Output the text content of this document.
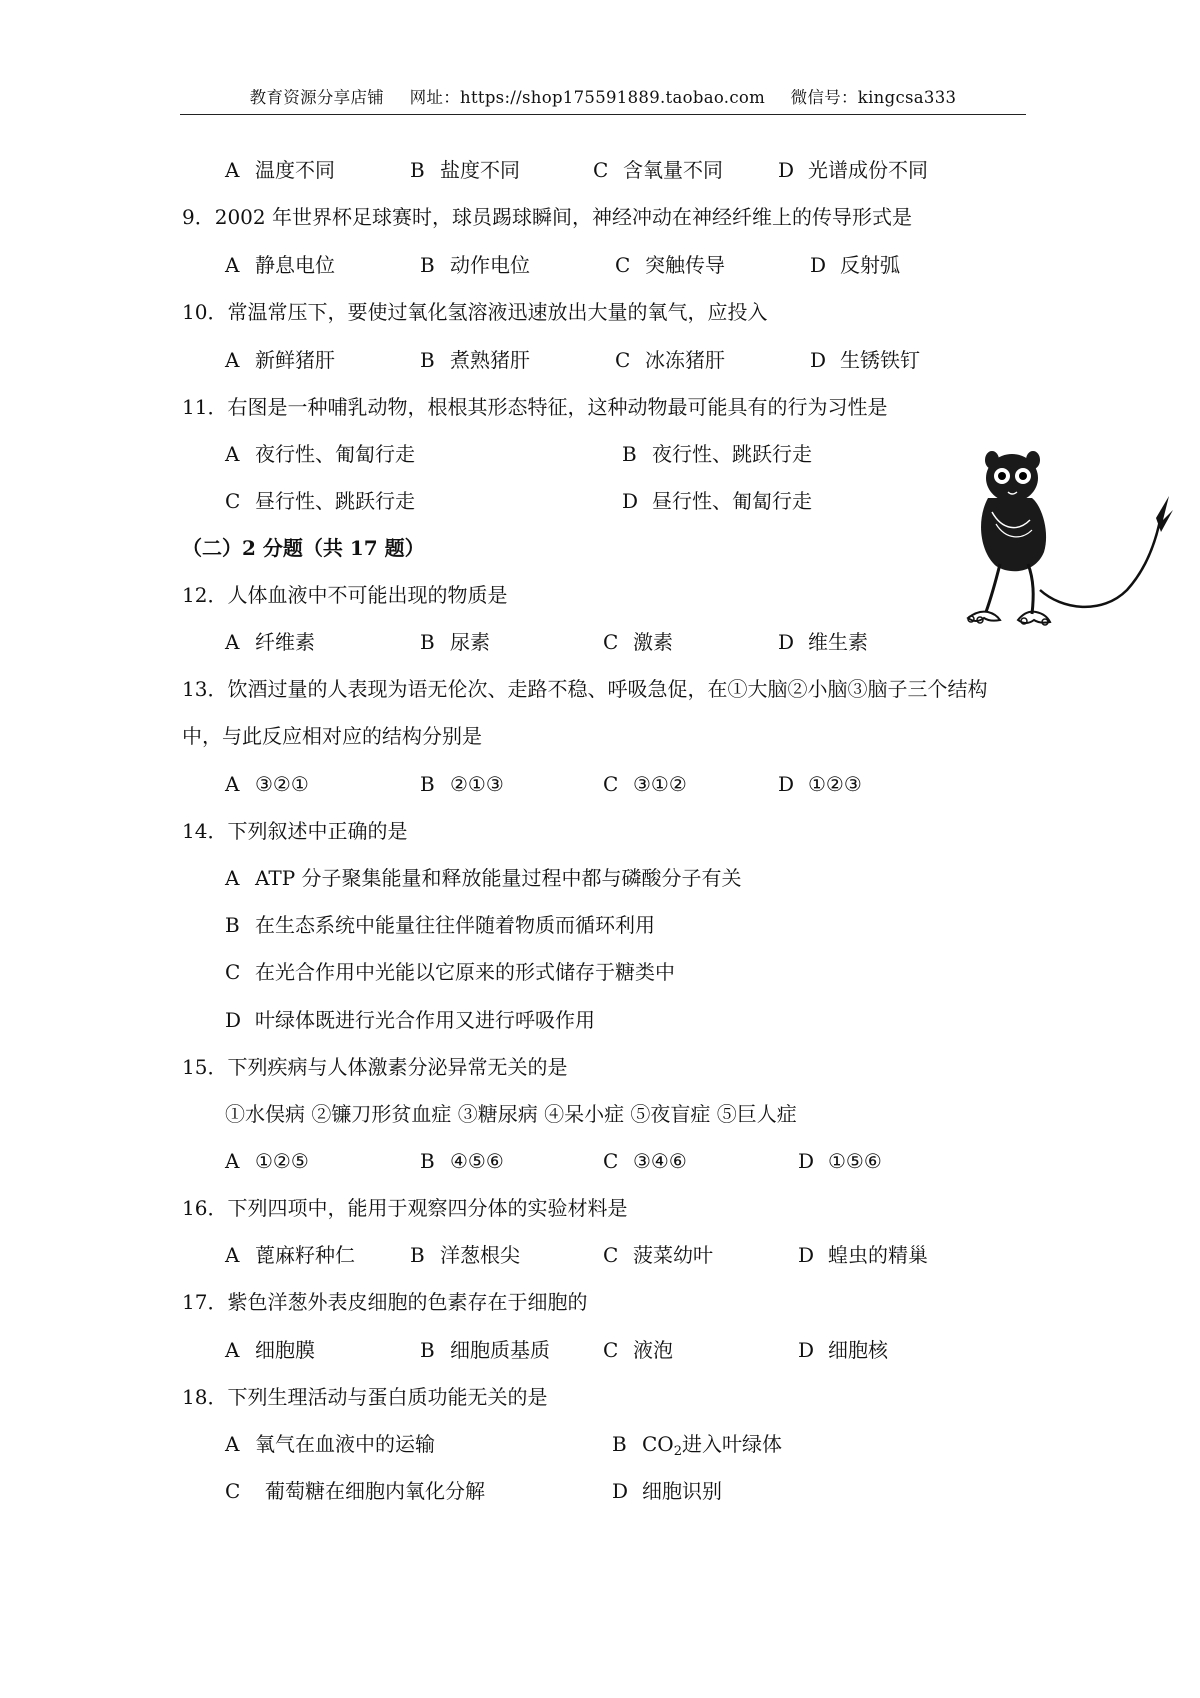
教育资源分享店铺 网址：https://shop175591889.taobao.com 微信号：kingcsa333
A 温度不同	B 盐度不同	C 含氧量不同	D 光谱成份不同
9．2002 年世界杯足球赛时，球员踢球瞬间，神经冲动在神经纤维上的传导形式是
A 静息电位	B 动作电位	C 突触传导	D 反射弧
10．常温常压下，要使过氧化氢溶液迅速放出大量的氧气，应投入
A 新鲜猪肝	B 煮熟猪肝	C 冰冻猪肝	D 生锈铁钉
11．右图是一种哺乳动物，根根其形态特征，这种动物最可能具有的行为习性是
A 夜行性、匍匐行走	B 夜行性、跳跃行走
C 昼行性、跳跃行走	D 昼行性、匍匐行走
（二）2 分题（共 17 题）
12．人体血液中不可能出现的物质是
A 纤维素	B 尿素	C 激素	D 维生素
13．饮酒过量的人表现为语无伦次、走路不稳、呼吸急促，在①大脑②小脑③脑子三个结构
中，与此反应相对应的结构分别是
A ③②①	B ②①③	C ③①②	D ①②③
14．下列叙述中正确的是
A ATP 分子聚集能量和释放能量过程中都与磷酸分子有关
B 在生态系统中能量往往伴随着物质而循环利用
C 在光合作用中光能以它原来的形式储存于糖类中
D 叶绿体既进行光合作用又进行呼吸作用
15．下列疾病与人体激素分泌异常无关的是
①水俣病 ②镰刀形贫血症 ③糖尿病 ④呆小症 ⑤夜盲症 ⑤巨人症
A ①②⑤	B ④⑤⑥	C ③④⑥	D ①⑤⑥
16．下列四项中，能用于观察四分体的实验材料是
A 蓖麻籽种仁	B 洋葱根尖	C 菠菜幼叶	D 蝗虫的精巢
17．紫色洋葱外表皮细胞的色素存在于细胞的
A 细胞膜	B 细胞质基质	C 液泡	D 细胞核
18．下列生理活动与蛋白质功能无关的是
A 氧气在血液中的运输	B $CO_2$进入叶绿体
C 葡萄糖在细胞内氧化分解	D 细胞识别
